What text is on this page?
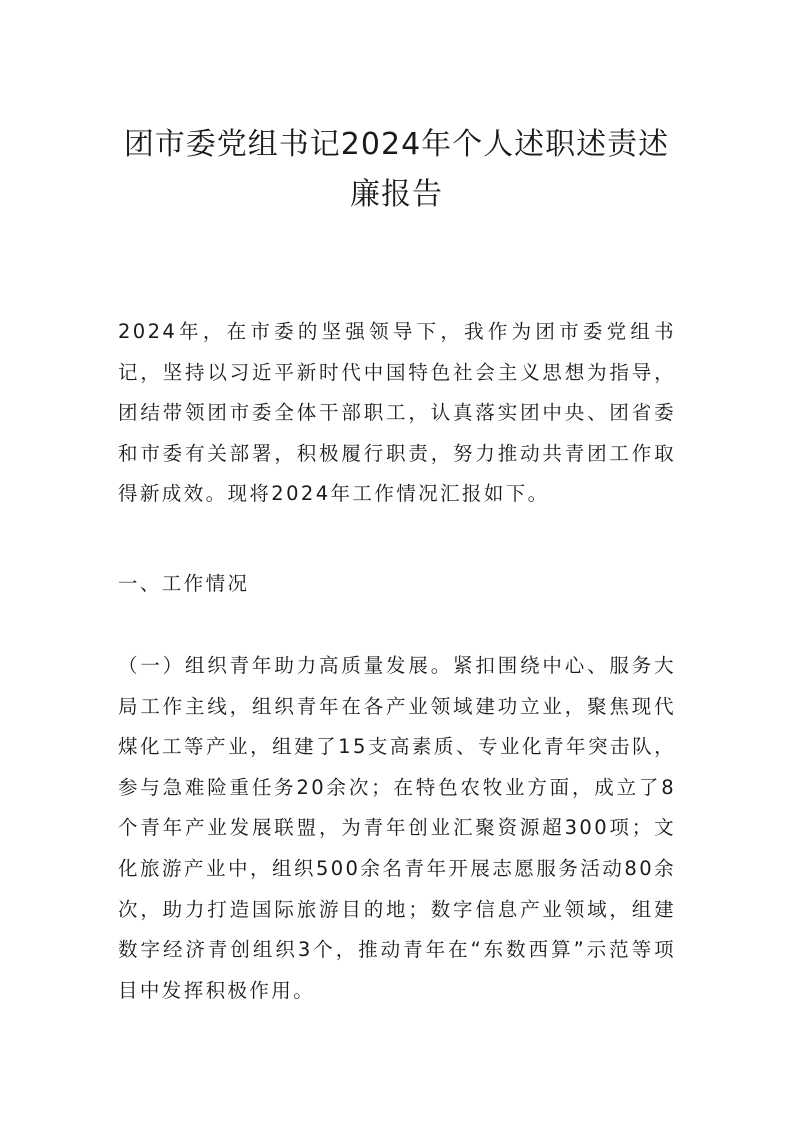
团市委党组书记2024年个人述职述责述廉报告

2024年，在市委的坚强领导下，我作为团市委党组书记，坚持以习近平新时代中国特色社会主义思想为指导，团结带领团市委全体干部职工，认真落实团中央、团省委和市委有关部署，积极履行职责，努力推动共青团工作取得新成效。现将2024年工作情况汇报如下。

一、工作情况

（一）组织青年助力高质量发展。紧扣围绕中心、服务大局工作主线，组织青年在各产业领域建功立业，聚焦现代煤化工等产业，组建了15支高素质、专业化青年突击队，参与急难险重任务20余次；在特色农牧业方面，成立了8个青年产业发展联盟，为青年创业汇聚资源超300项；文化旅游产业中，组织500余名青年开展志愿服务活动80余次，助力打造国际旅游目的地；数字信息产业领域，组建数字经济青创组织3个，推动青年在“东数西算”示范等项目中发挥积极作用。
